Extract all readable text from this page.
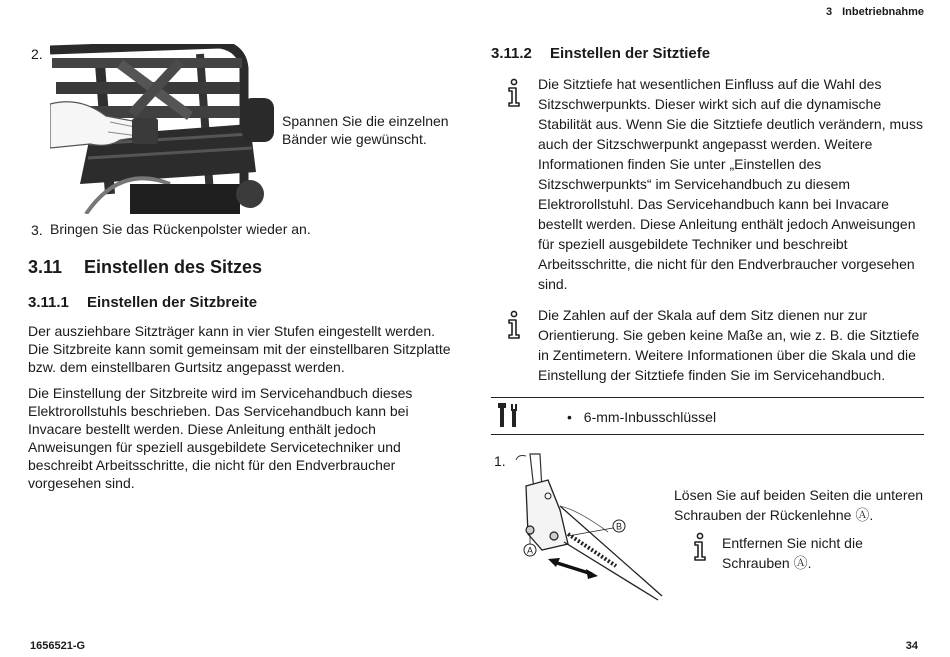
3 Inbetriebnahme
2.
Spannen Sie die einzelnen Bänder wie gewünscht.
3. Bringen Sie das Rückenpolster wieder an.
3.11 Einstellen des Sitzes
3.11.1 Einstellen der Sitzbreite
Der ausziehbare Sitzträger kann in vier Stufen eingestellt werden. Die Sitzbreite kann somit gemeinsam mit der einstellbaren Sitzplatte bzw. dem einstellbaren Gurtsitz angepasst werden.
Die Einstellung der Sitzbreite wird im Servicehandbuch dieses Elektrorollstuhls beschrieben. Das Servicehandbuch kann bei Invacare bestellt werden. Diese Anleitung enthält jedoch Anweisungen für speziell ausgebildete Servicetechniker und beschreibt Arbeitsschritte, die nicht für den Endverbraucher vorgesehen sind.
3.11.2 Einstellen der Sitztiefe
Die Sitztiefe hat wesentlichen Einfluss auf die Wahl des Sitzschwerpunkts. Dieser wirkt sich auf die dynamische Stabilität aus. Wenn Sie die Sitztiefe deutlich verändern, muss auch der Sitzschwerpunkt angepasst werden. Weitere Informationen finden Sie unter „Einstellen des Sitzschwerpunkts“ im Servicehandbuch zu diesem Elektrorollstuhl. Das Servicehandbuch kann bei Invacare bestellt werden. Diese Anleitung enthält jedoch Anweisungen für speziell ausgebildete Techniker und beschreibt Arbeitsschritte, die nicht für den Endverbraucher vorgesehen sind.
Die Zahlen auf der Skala auf dem Sitz dienen nur zur Orientierung. Sie geben keine Maße an, wie z. B. die Sitztiefe in Zentimetern. Weitere Informationen über die Skala und die Einstellung der Sitztiefe finden Sie im Servicehandbuch.
• 6-mm-Inbusschlüssel
1.
B
A
Lösen Sie auf beiden Seiten die unteren Schrauben der Rückenlehne Ⓐ.
Entfernen Sie nicht die Schrauben Ⓐ.
1656521-G	34
